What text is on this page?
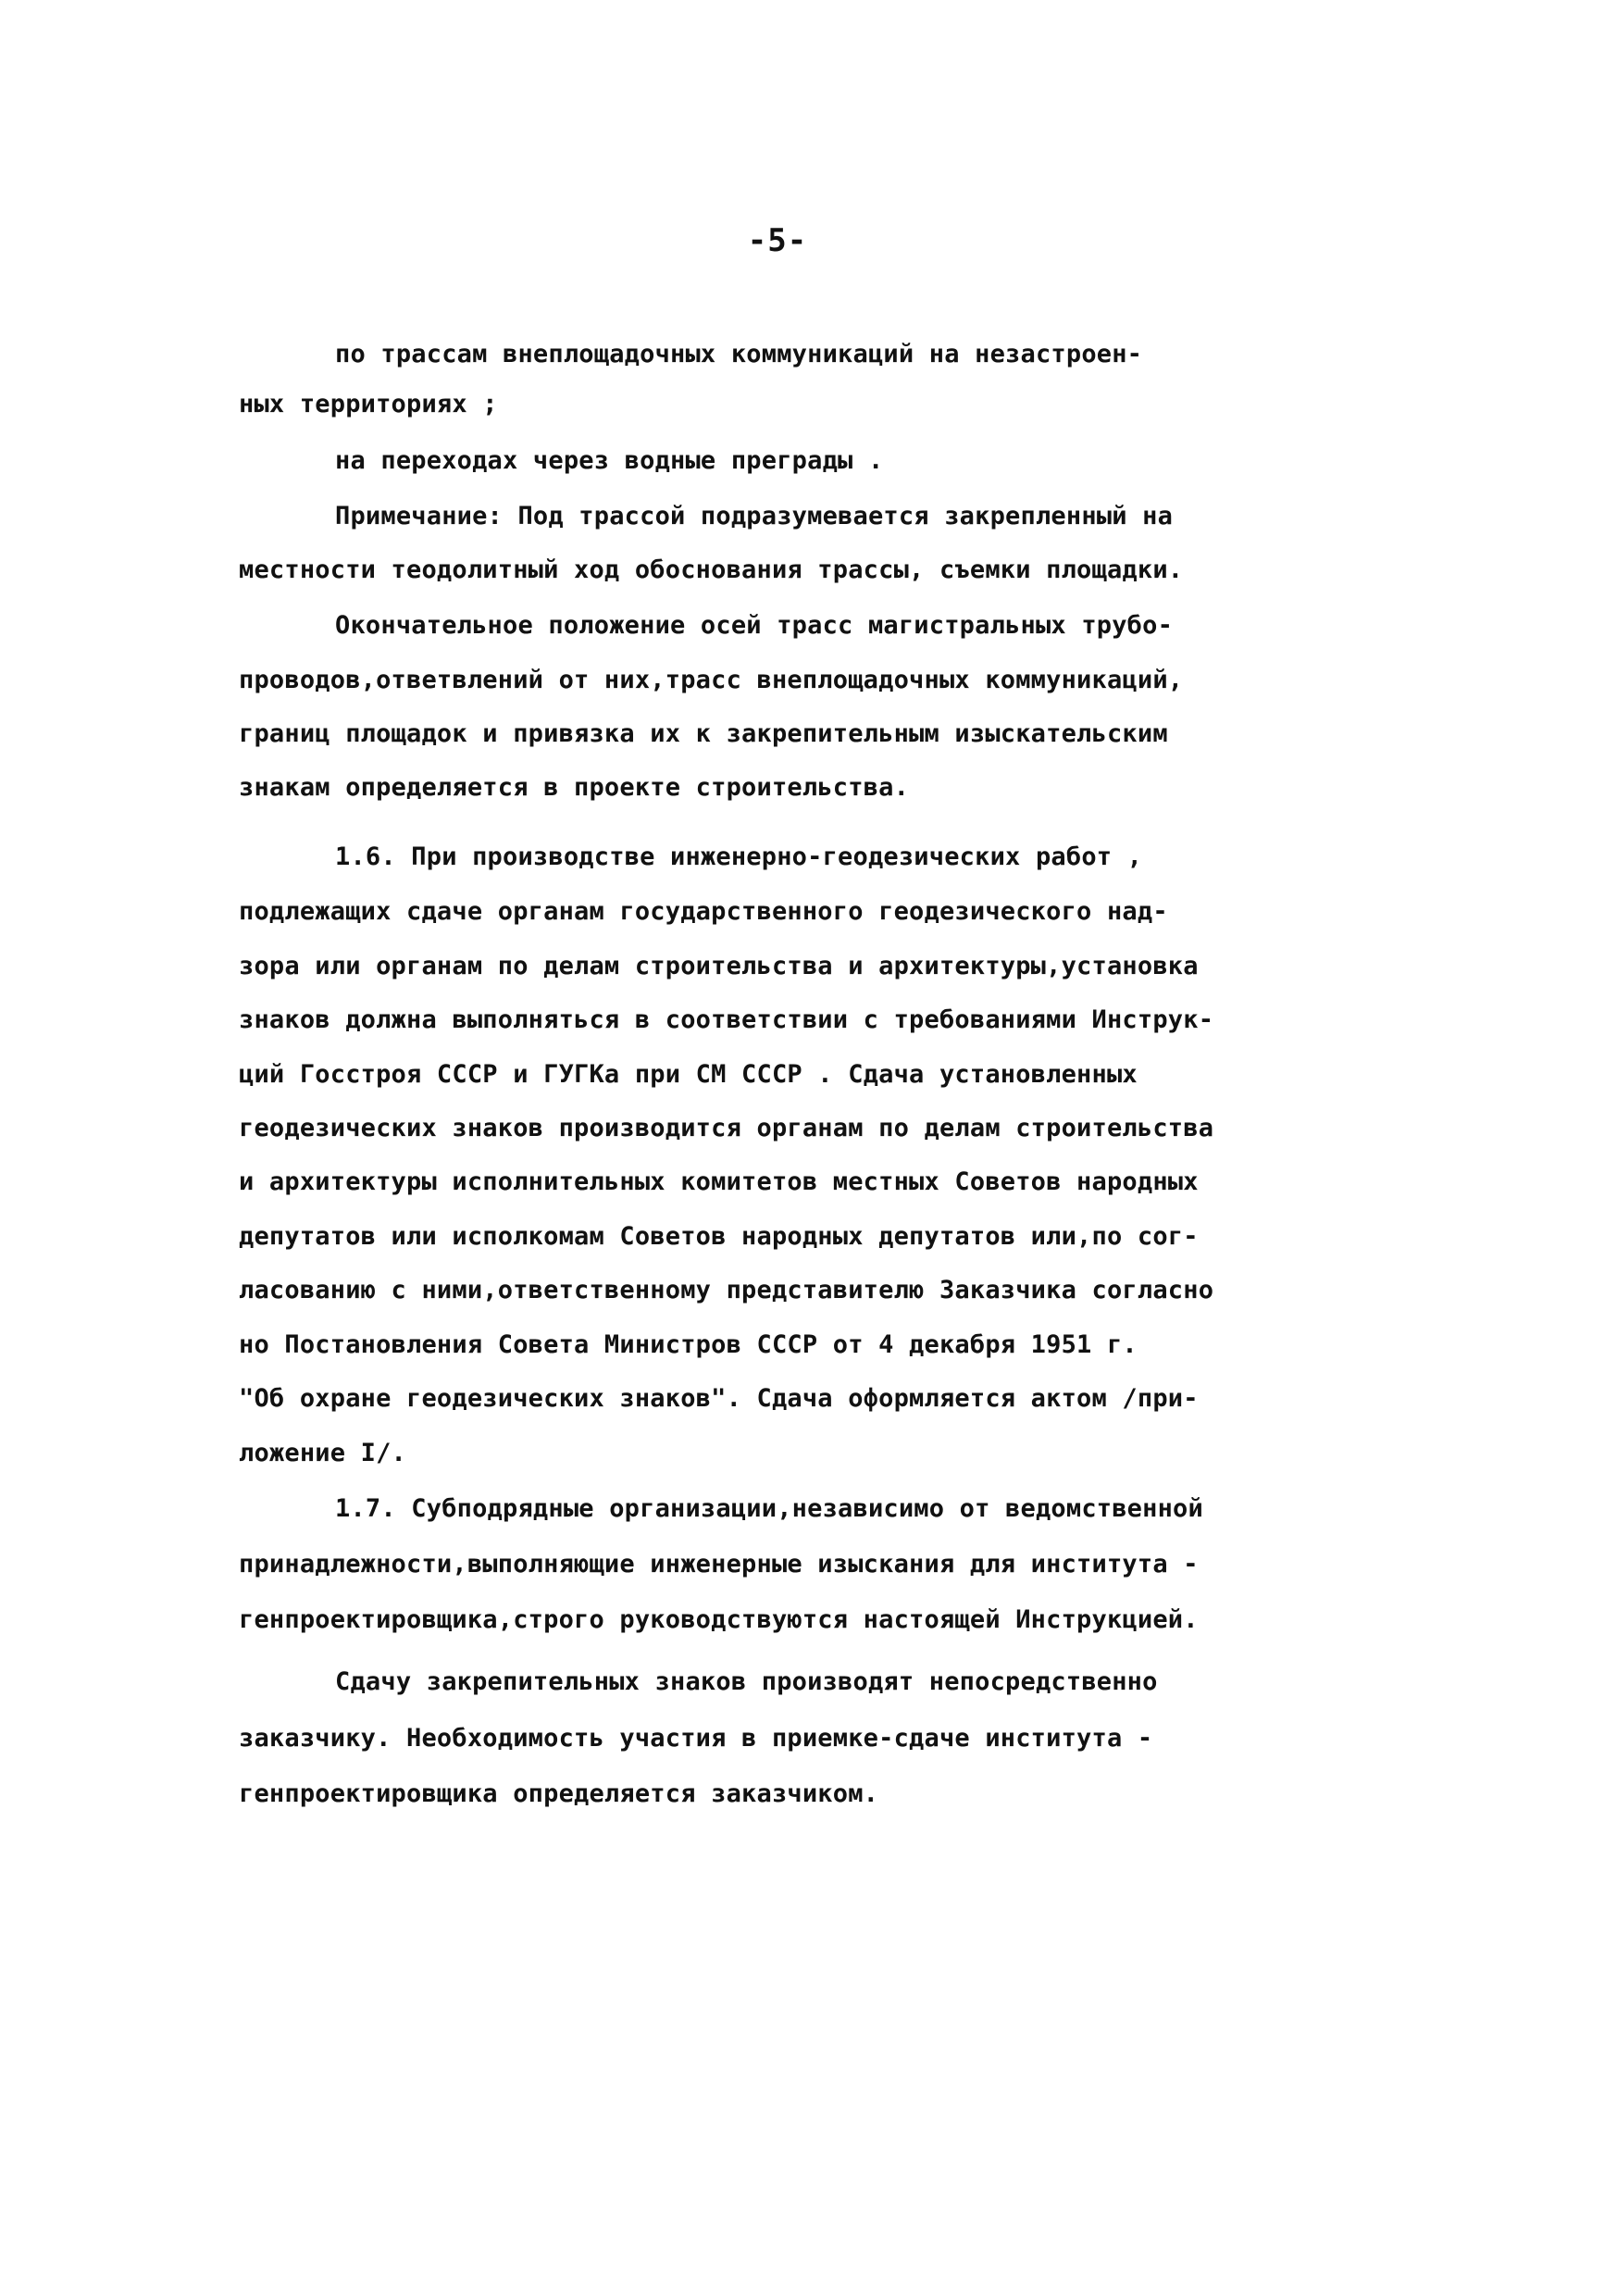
-5-
по трассам внеплощадочных коммуникаций на незастроен-
ных территориях ;
на переходах через водные преграды .
Примечание: Под трассой подразумевается закрепленный на
местности теодолитный ход обоснования трассы, съемки площадки.
Окончательное положение осей трасс магистральных трубо-
проводов,ответвлений от них,трасс внеплощадочных коммуникаций,
границ площадок и привязка их к закрепительным изыскательским
знакам определяется в проекте строительства.
1.6. При производстве инженерно-геодезических работ ,
подлежащих сдаче органам государственного геодезического над-
зора или органам по делам строительства и архитектуры,установка
знаков должна выполняться в соответствии с требованиями Инструк-
ций Госстроя СССР и ГУГКа при СМ СССР . Сдача установленных
геодезических знаков производится органам по делам строительства
и архитектуры исполнительных комитетов местных Советов народных
депутатов или исполкомам Советов народных депутатов или,по сог-
ласованию с ними,ответственному представителю Заказчика согласно
но Постановления Совета Министров СССР от 4 декабря 1951 г.
"Об охране геодезических знаков". Сдача оформляется актом /при-
ложение I/.
1.7. Субподрядные организации,независимо от ведомственной
принадлежности,выполняющие инженерные изыскания для института -
генпроектировщика,строго руководствуются настоящей Инструкцией.
Сдачу закрепительных знаков производят непосредственно
заказчику. Необходимость участия в приемке-сдаче института -
генпроектировщика определяется заказчиком.
